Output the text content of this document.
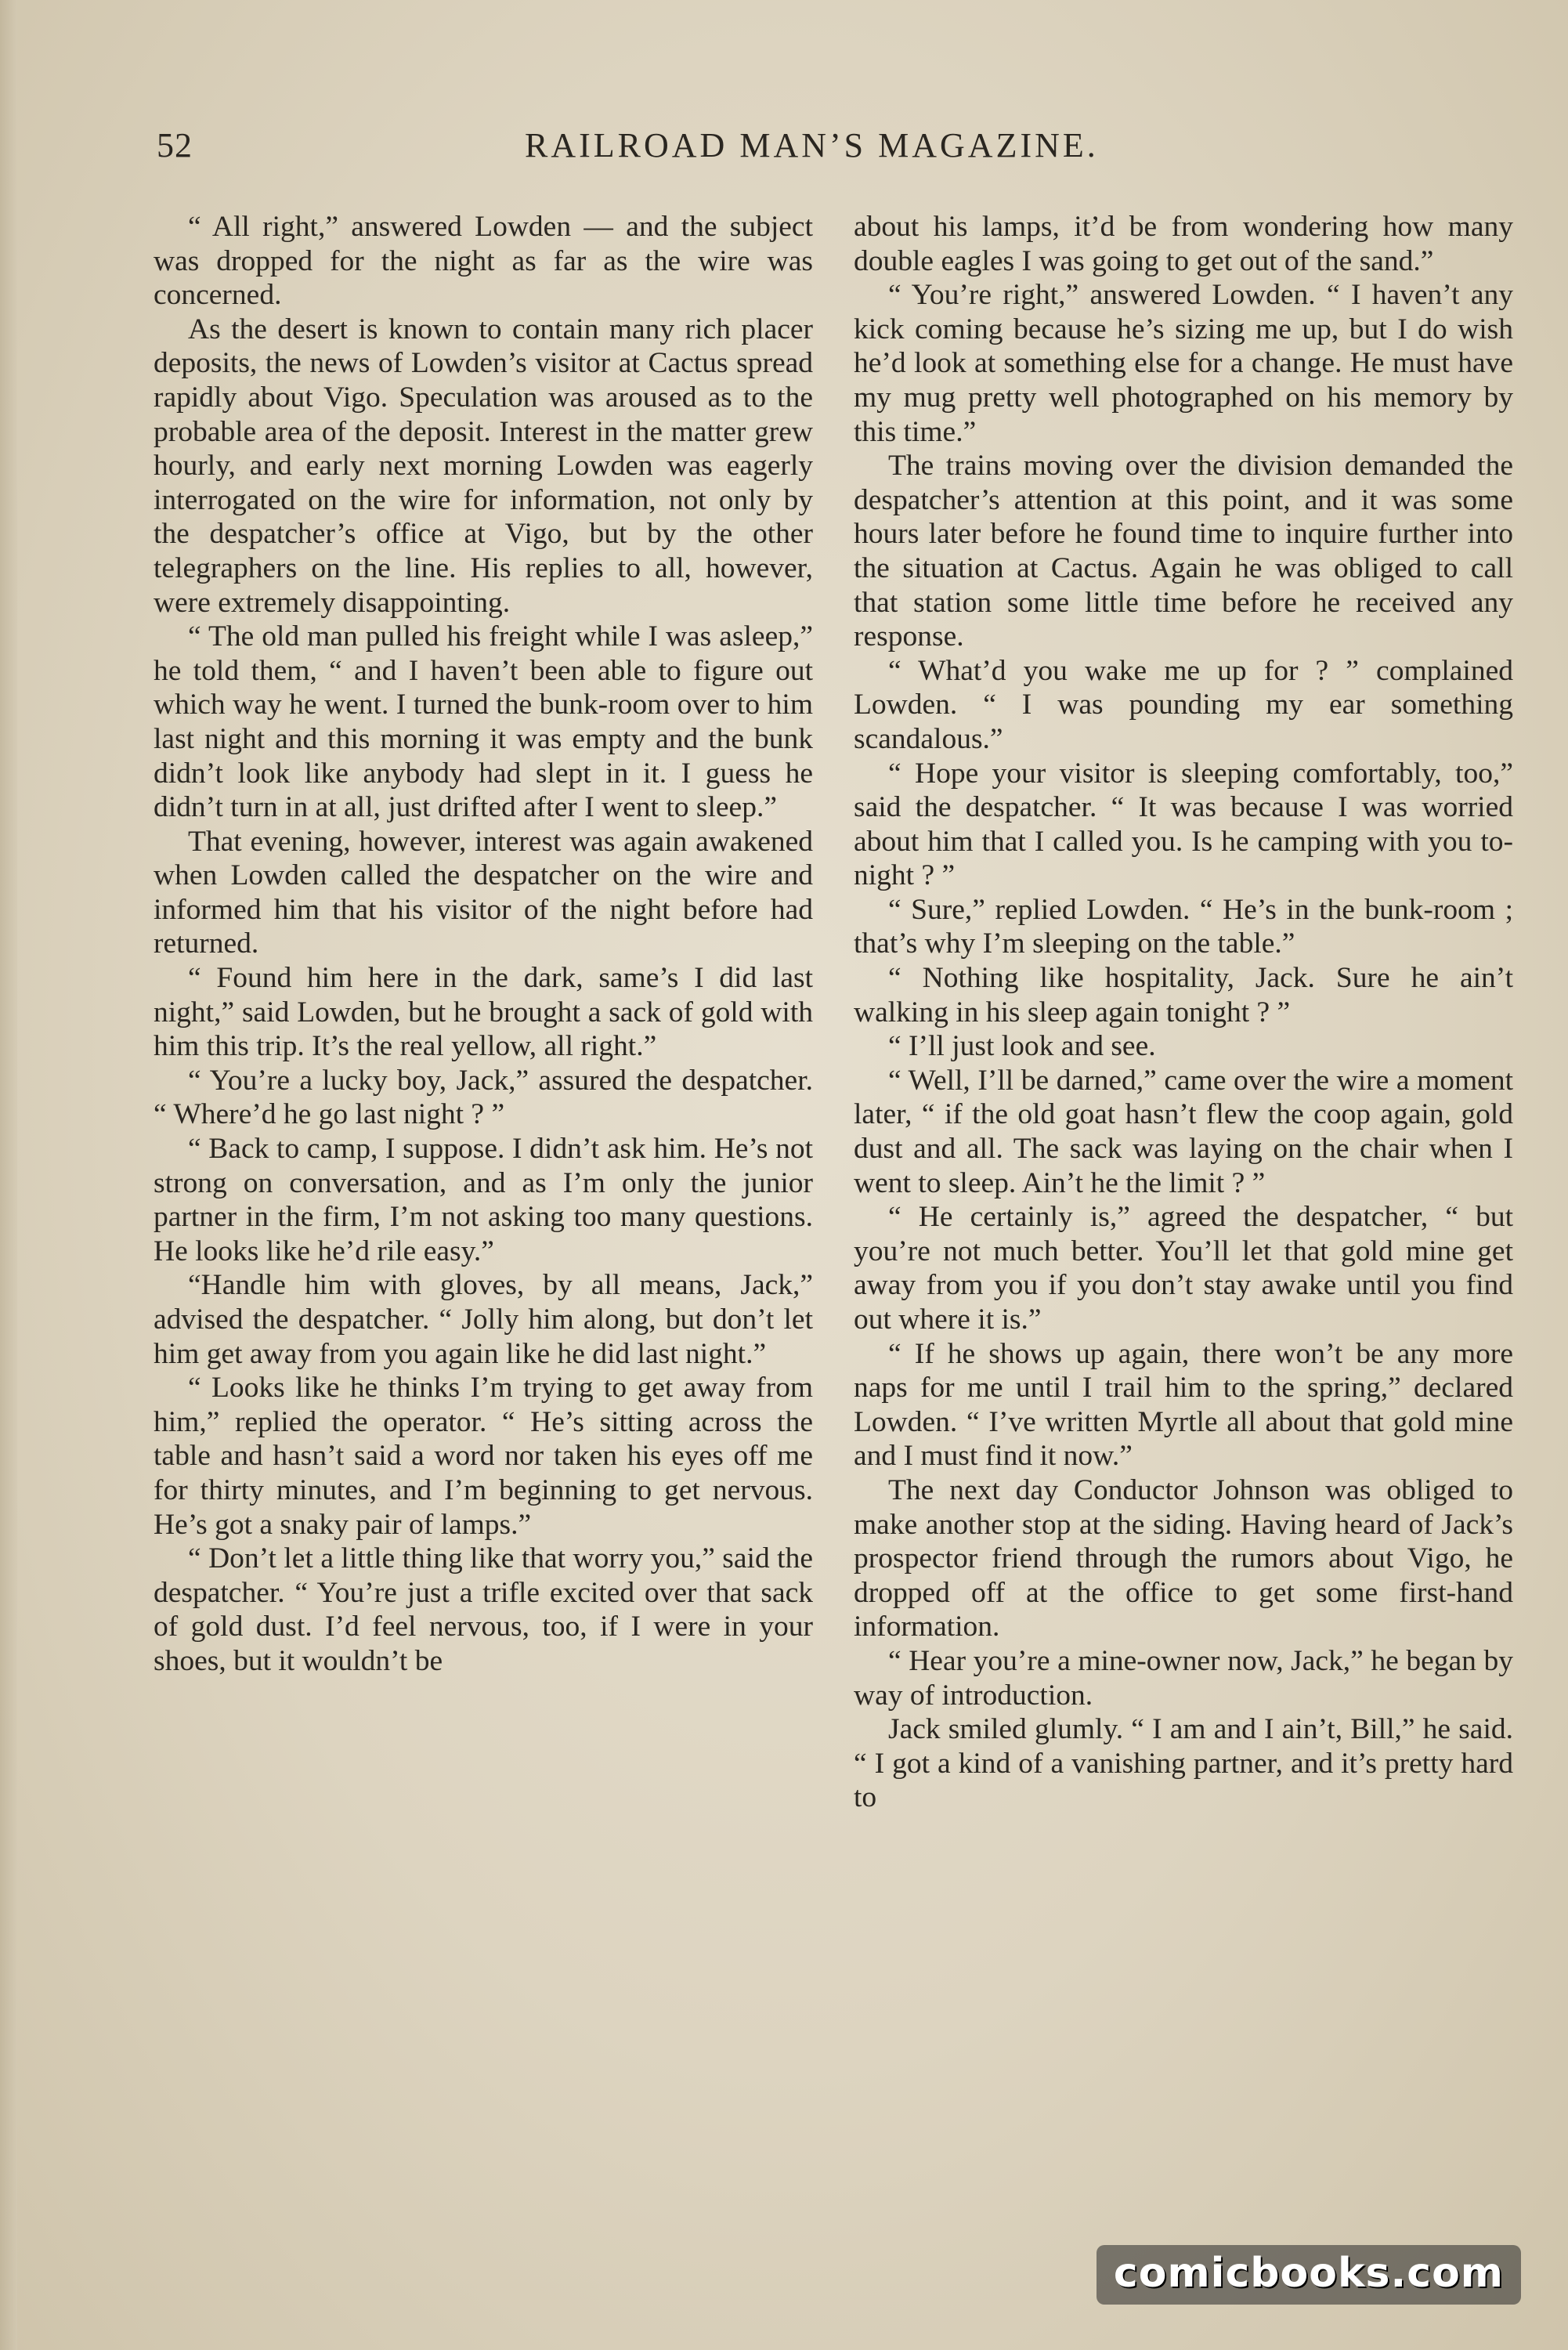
52	RAILROAD MAN’S MAGAZINE.

“ All right,” answered Lowden — and the subject was dropped for the night as far as the wire was concerned.

As the desert is known to contain many rich placer deposits, the news of Lowden’s visitor at Cactus spread rapidly about Vigo. Speculation was aroused as to the probable area of the deposit. Interest in the matter grew hourly, and early next morning Lowden was eagerly interrogated on the wire for information, not only by the despatcher’s office at Vigo, but by the other telegraphers on the line. His replies to all, however, were extremely disappointing.

“ The old man pulled his freight while I was asleep,” he told them, “ and I haven’t been able to figure out which way he went. I turned the bunk-room over to him last night and this morning it was empty and the bunk didn’t look like anybody had slept in it. I guess he didn’t turn in at all, just drifted after I went to sleep.”

That evening, however, interest was again awakened when Lowden called the despatcher on the wire and informed him that his visitor of the night before had returned.

“ Found him here in the dark, same’s I did last night,” said Lowden, but he brought a sack of gold with him this trip. It’s the real yellow, all right.”

“ You’re a lucky boy, Jack,” assured the despatcher. “ Where’d he go last night ? ”

“ Back to camp, I suppose. I didn’t ask him. He’s not strong on conversation, and as I’m only the junior partner in the firm, I’m not asking too many questions. He looks like he’d rile easy.”

“Handle him with gloves, by all means, Jack,” advised the despatcher. “ Jolly him along, but don’t let him get away from you again like he did last night.”

“ Looks like he thinks I’m trying to get away from him,” replied the operator. “ He’s sitting across the table and hasn’t said a word nor taken his eyes off me for thirty minutes, and I’m beginning to get nervous. He’s got a snaky pair of lamps.”

“ Don’t let a little thing like that worry you,” said the despatcher. “ You’re just a trifle excited over that sack of gold dust. I’d feel nervous, too, if I were in your shoes, but it wouldn’t be

about his lamps, it’d be from wondering how many double eagles I was going to get out of the sand.”

“ You’re right,” answered Lowden. “ I haven’t any kick coming because he’s sizing me up, but I do wish he’d look at something else for a change. He must have my mug pretty well photographed on his memory by this time.”

The trains moving over the division demanded the despatcher’s attention at this point, and it was some hours later before he found time to inquire further into the situation at Cactus. Again he was obliged to call that station some little time before he received any response.

“ What’d you wake me up for ? ” complained Lowden. “ I was pounding my ear something scandalous.”

“ Hope your visitor is sleeping comfortably, too,” said the despatcher. “ It was because I was worried about him that I called you. Is he camping with you to-night ? ”

“ Sure,” replied Lowden. “ He’s in the bunk-room ; that’s why I’m sleeping on the table.”

“ Nothing like hospitality, Jack. Sure he ain’t walking in his sleep again tonight ? ”

“ I’ll just look and see.

“ Well, I’ll be darned,” came over the wire a moment later, “ if the old goat hasn’t flew the coop again, gold dust and all. The sack was laying on the chair when I went to sleep. Ain’t he the limit ? ”

“ He certainly is,” agreed the despatcher, “ but you’re not much better. You’ll let that gold mine get away from you if you don’t stay awake until you find out where it is.”

“ If he shows up again, there won’t be any more naps for me until I trail him to the spring,” declared Lowden. “ I’ve written Myrtle all about that gold mine and I must find it now.”

The next day Conductor Johnson was obliged to make another stop at the siding. Having heard of Jack’s prospector friend through the rumors about Vigo, he dropped off at the office to get some first-hand information.

“ Hear you’re a mine-owner now, Jack,” he began by way of introduction.

Jack smiled glumly. “ I am and I ain’t, Bill,” he said. “ I got a kind of a vanishing partner, and it’s pretty hard to

comicbooks.com
